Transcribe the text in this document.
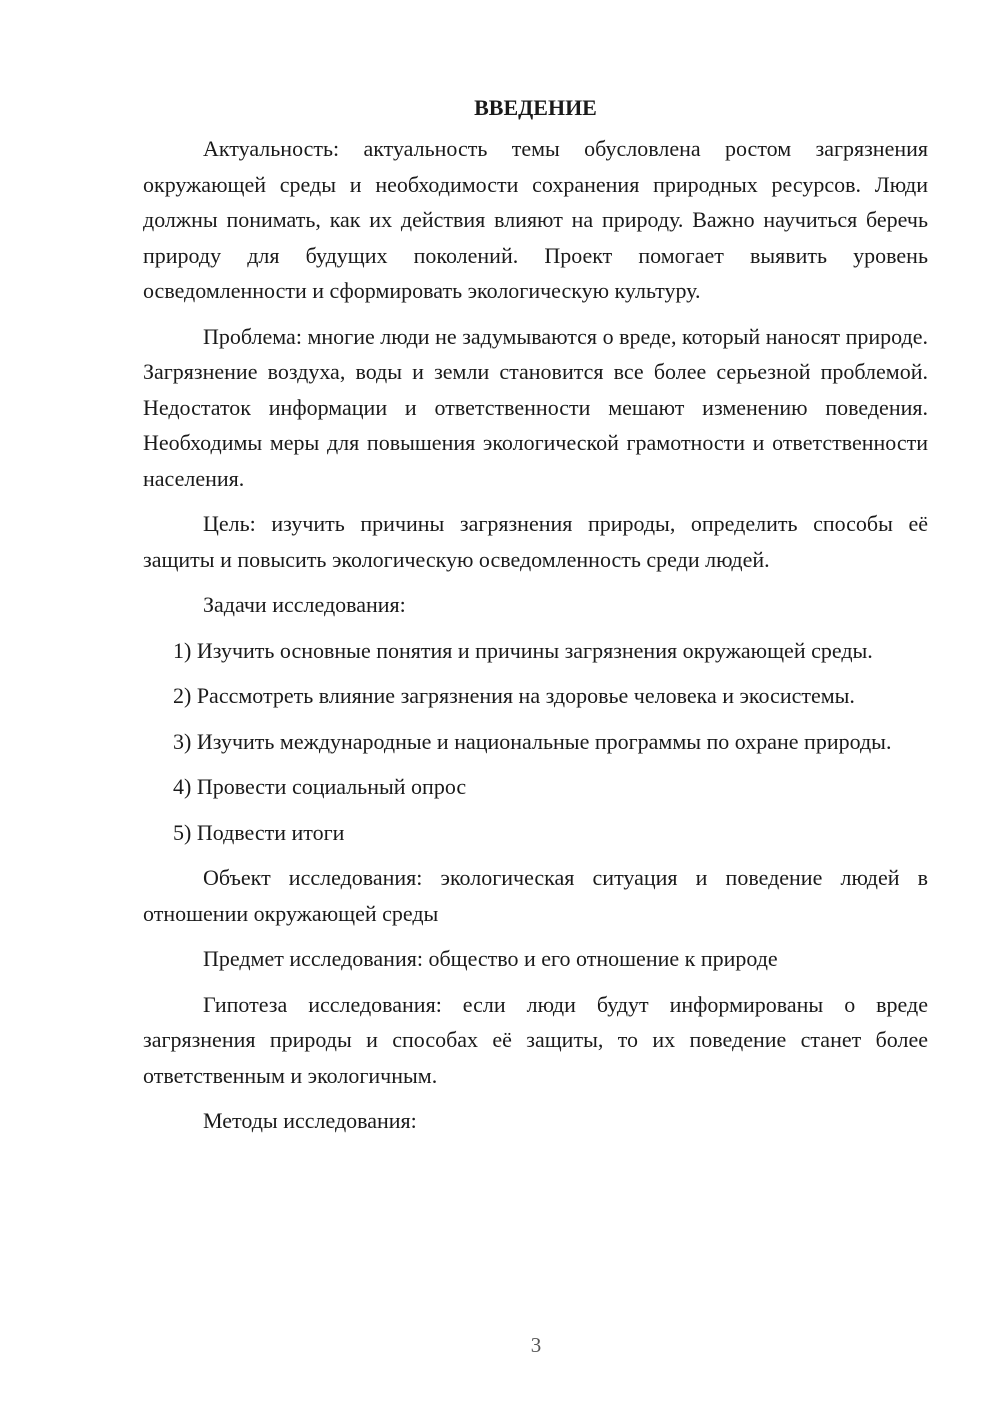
ВВЕДЕНИЕ

Актуальность: актуальность темы обусловлена ростом загрязнения окружающей среды и необходимости сохранения природных ресурсов. Люди должны понимать, как их действия влияют на природу. Важно научиться беречь природу для будущих поколений. Проект помогает выявить уровень осведомленности и сформировать экологическую культуру.

Проблема: многие люди не задумываются о вреде, который наносят природе. Загрязнение воздуха, воды и земли становится все более серьезной проблемой. Недостаток информации и ответственности мешают изменению поведения. Необходимы меры для повышения экологической грамотности и ответственности населения.

Цель: изучить причины загрязнения природы, определить способы её защиты и повысить экологическую осведомленность среди людей.

Задачи исследования:

1) Изучить основные понятия и причины загрязнения окружающей среды.

2) Рассмотреть влияние загрязнения на здоровье человека и экосистемы.

3) Изучить международные и национальные программы по охране природы.

4) Провести социальный опрос

5) Подвести итоги

Объект исследования: экологическая ситуация и поведение людей в отношении окружающей среды

Предмет исследования: общество и его отношение к природе

Гипотеза исследования: если люди будут информированы о вреде загрязнения природы и способах её защиты, то их поведение станет более ответственным и экологичным.

Методы исследования:

3
